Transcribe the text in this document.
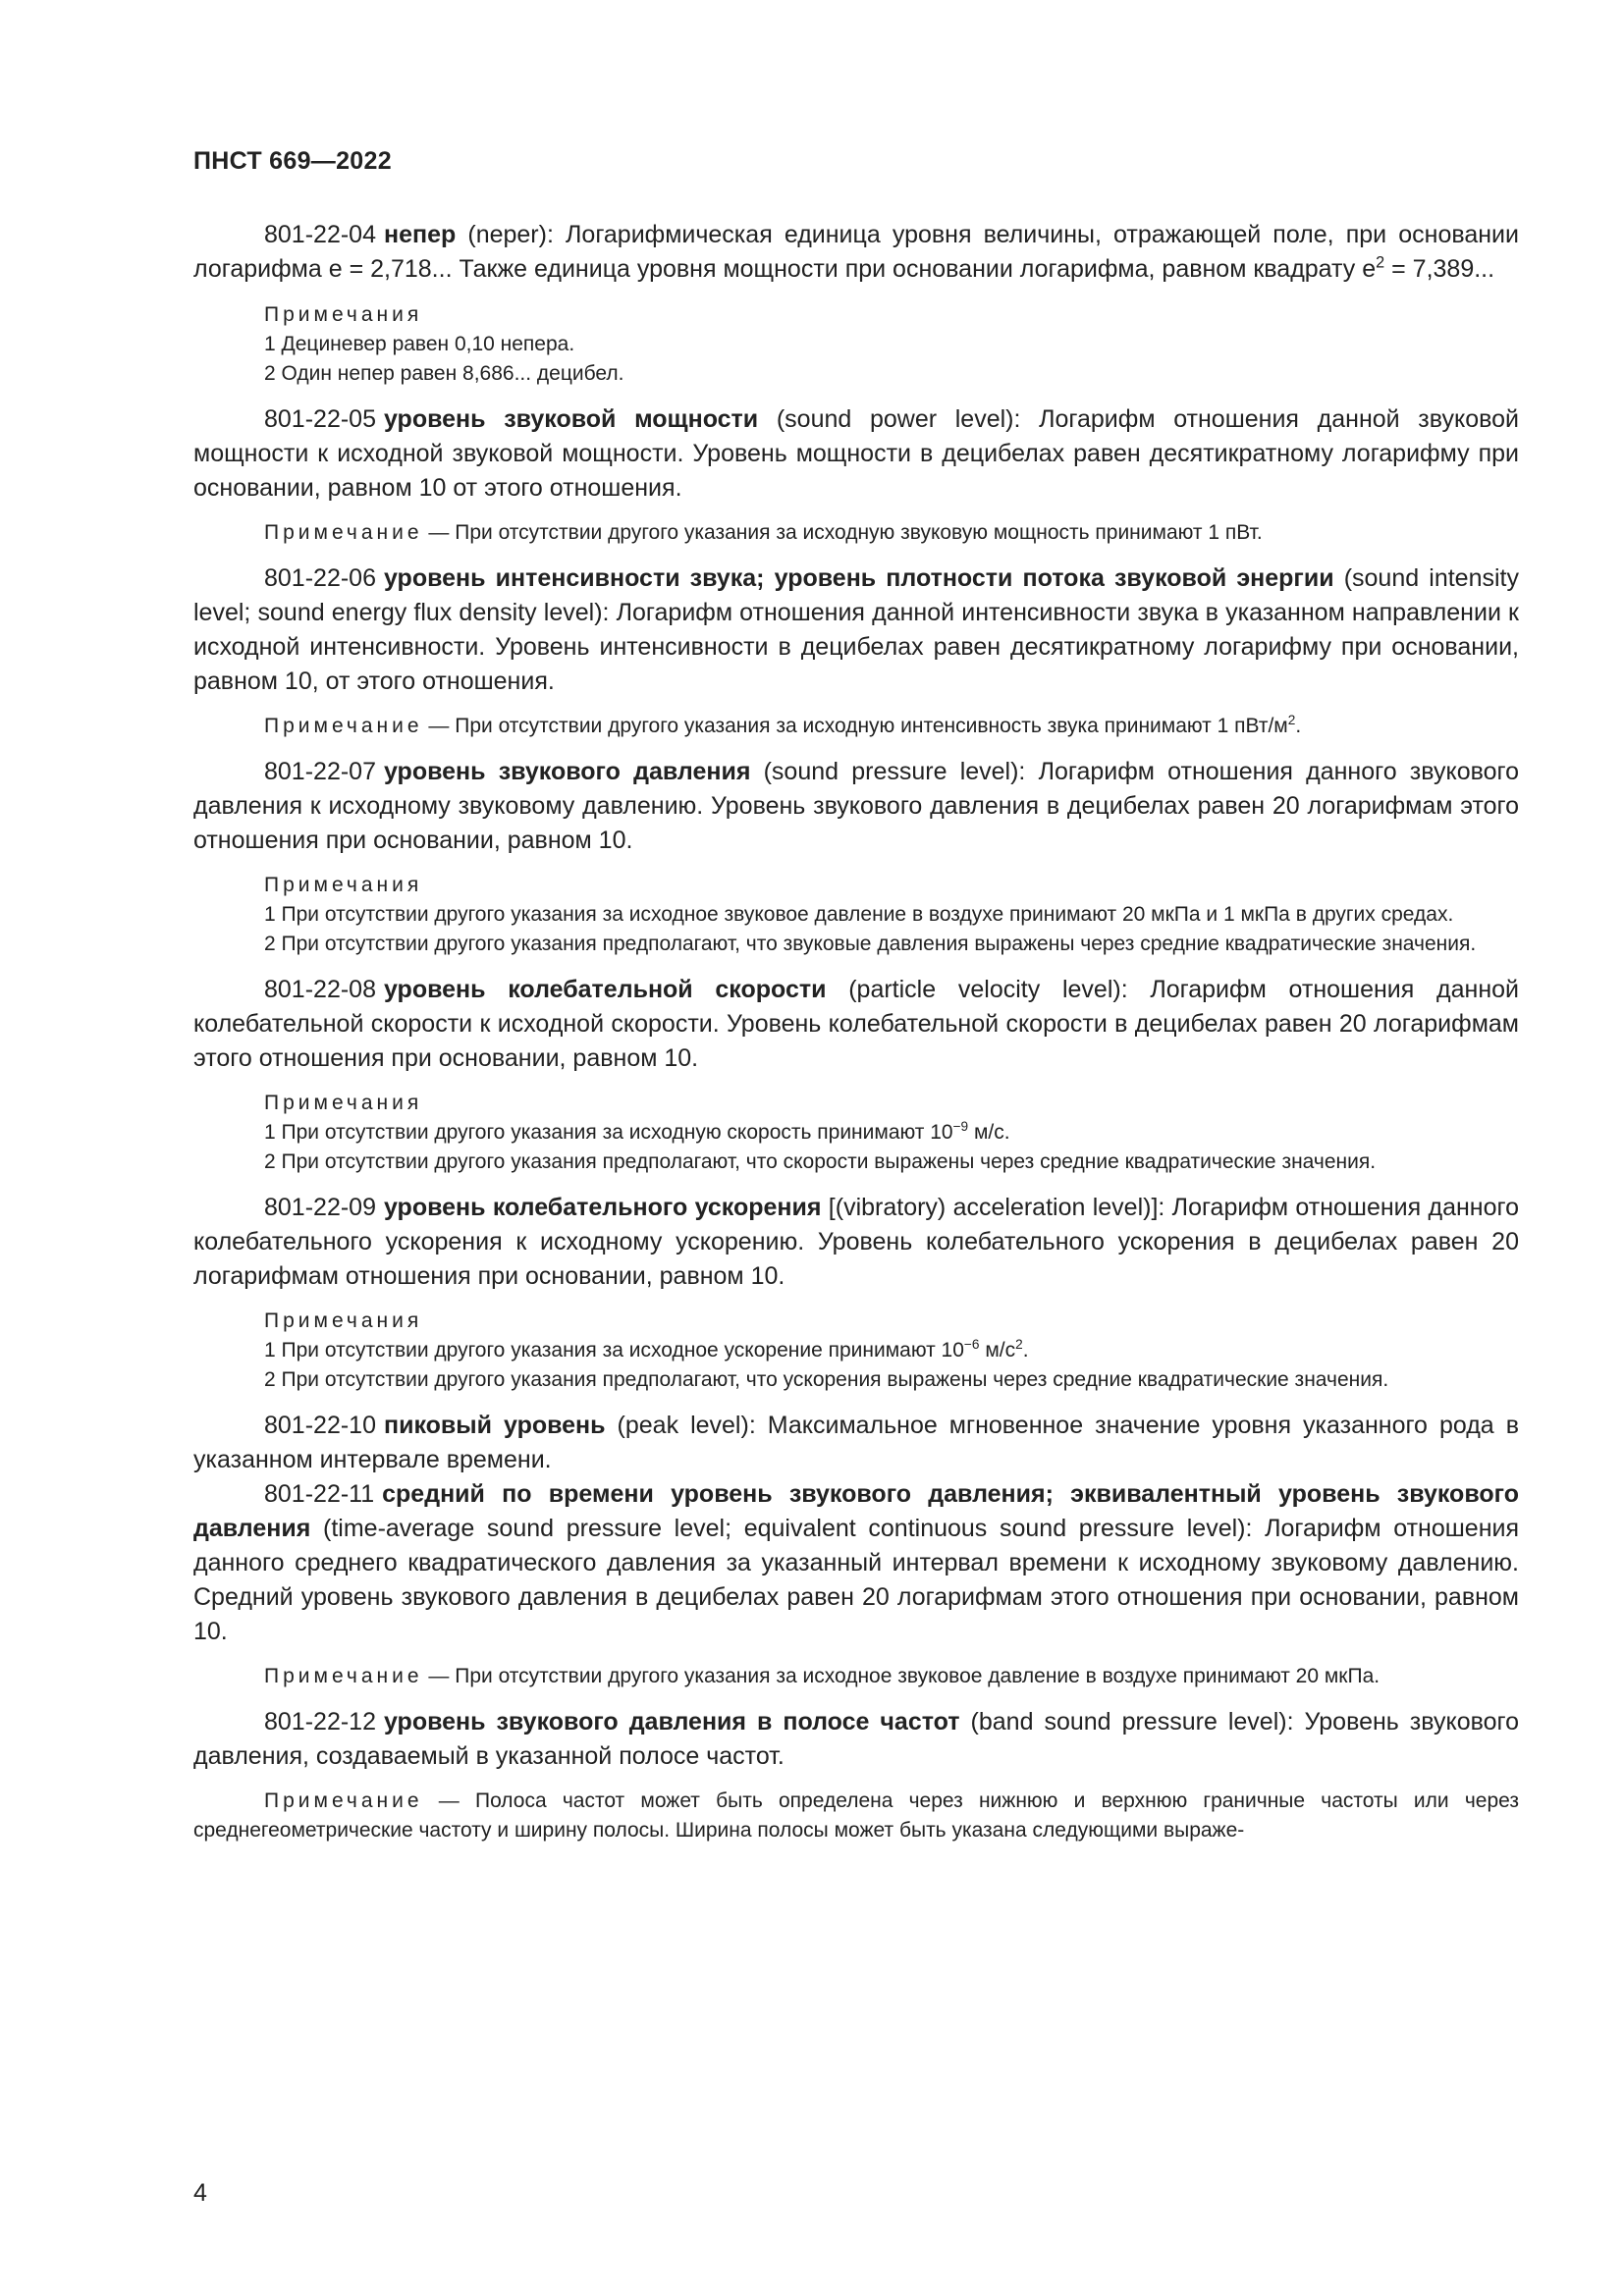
ПНСТ 669—2022

801-22-04 непер (neper): Логарифмическая единица уровня величины, отражающей поле, при основании логарифма e = 2,718... Также единица уровня мощности при основании логарифма, равном квадрату $e^2 = 7,389$...

Примечания

1 Дециневер равен 0,10 непера.

2 Один непер равен 8,686... децибел.

801-22-05 уровень звуковой мощности (sound power level): Логарифм отношения данной звуковой мощности к исходной звуковой мощности. Уровень мощности в децибелах равен десятикратному логарифму при основании, равном 10 от этого отношения.

Примечание — При отсутствии другого указания за исходную звуковую мощность принимают 1 пВт.

801-22-06 уровень интенсивности звука; уровень плотности потока звуковой энергии (sound intensity level; sound energy flux density level): Логарифм отношения данной интенсивности звука в указанном направлении к исходной интенсивности. Уровень интенсивности в децибелах равен десятикратному логарифму при основании, равном 10, от этого отношения.

Примечание — При отсутствии другого указания за исходную интенсивность звука принимают 1 пВт/$м^2$.

801-22-07 уровень звукового давления (sound pressure level): Логарифм отношения данного звукового давления к исходному звуковому давлению. Уровень звукового давления в децибелах равен 20 логарифмам этого отношения при основании, равном 10.

Примечания

1 При отсутствии другого указания за исходное звуковое давление в воздухе принимают 20 мкПа и 1 мкПа в других средах.

2 При отсутствии другого указания предполагают, что звуковые давления выражены через средние квадратические значения.

801-22-08 уровень колебательной скорости (particle velocity level): Логарифм отношения данной колебательной скорости к исходной скорости. Уровень колебательной скорости в децибелах равен 20 логарифмам этого отношения при основании, равном 10.

Примечания

1 При отсутствии другого указания за исходную скорость принимают $10^{-9}$ м/с.

2 При отсутствии другого указания предполагают, что скорости выражены через средние квадратические значения.

801-22-09 уровень колебательного ускорения [(vibratory) acceleration level)]: Логарифм отношения данного колебательного ускорения к исходному ускорению. Уровень колебательного ускорения в децибелах равен 20 логарифмам отношения при основании, равном 10.

Примечания

1 При отсутствии другого указания за исходное ускорение принимают $10^{-6}$ $м/с^2$.

2 При отсутствии другого указания предполагают, что ускорения выражены через средние квадратические значения.

801-22-10 пиковый уровень (peak level): Максимальное мгновенное значение уровня указанного рода в указанном интервале времени.

801-22-11 средний по времени уровень звукового давления; эквивалентный уровень звукового давления (time-average sound pressure level; equivalent continuous sound pressure level): Логарифм отношения данного среднего квадратического давления за указанный интервал времени к исходному звуковому давлению. Средний уровень звукового давления в децибелах равен 20 логарифмам этого отношения при основании, равном 10.

Примечание — При отсутствии другого указания за исходное звуковое давление в воздухе принимают 20 мкПа.

801-22-12 уровень звукового давления в полосе частот (band sound pressure level): Уровень звукового давления, создаваемый в указанной полосе частот.

Примечание — Полоса частот может быть определена через нижнюю и верхнюю граничные частоты или через среднегеометрические частоту и ширину полосы. Ширина полосы может быть указана следующими выраже-

4
